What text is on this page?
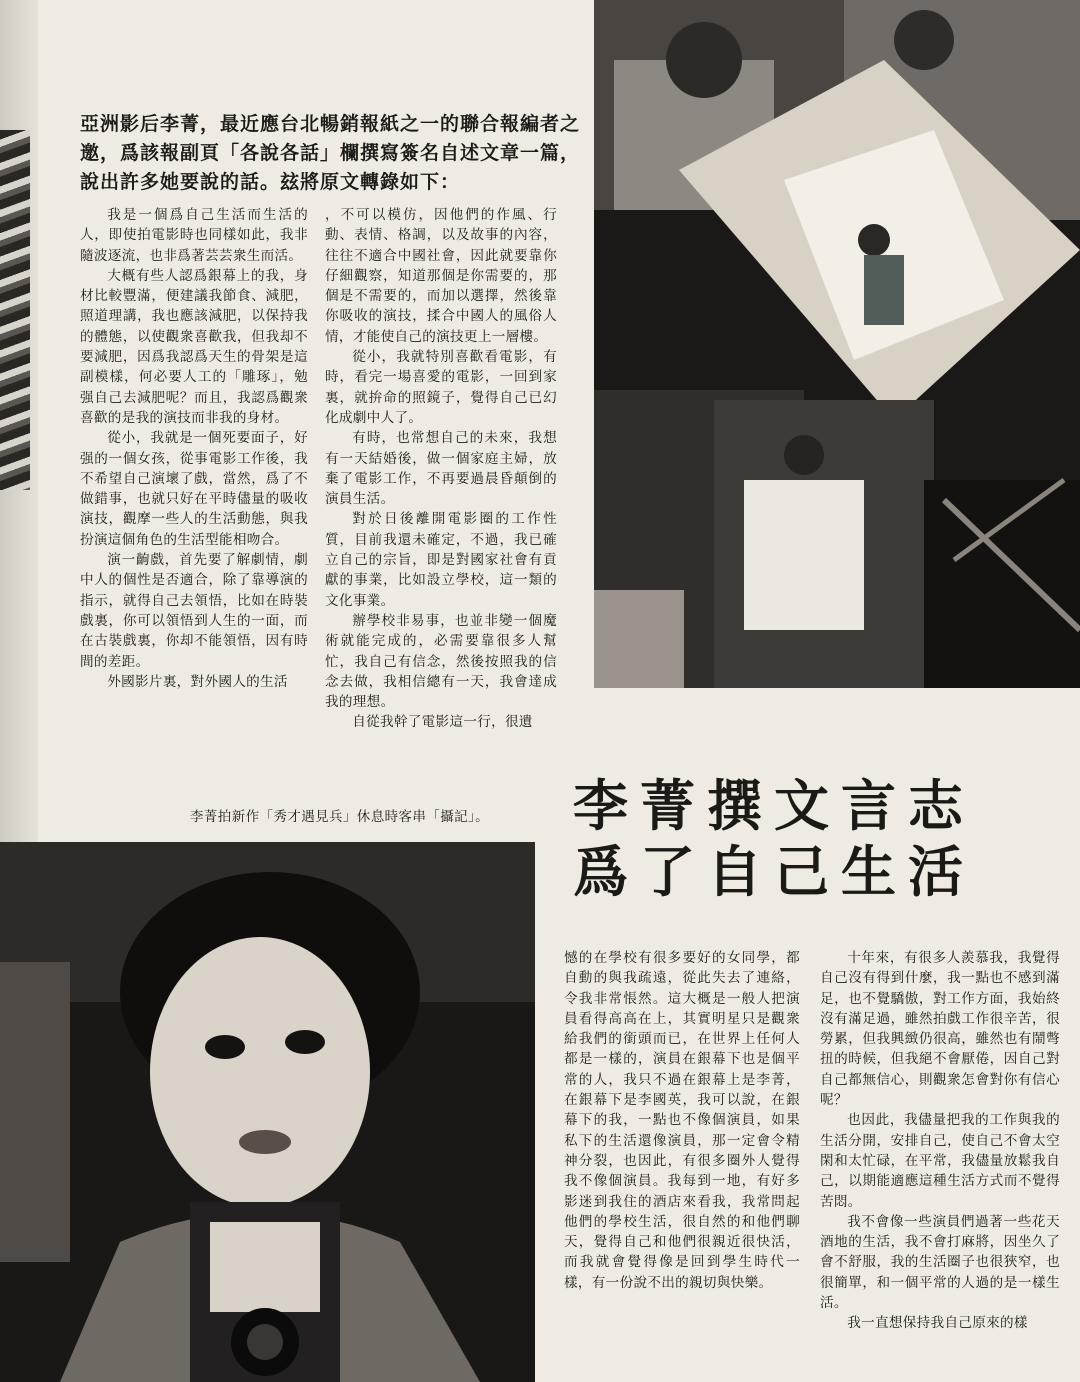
亞洲影后李菁，最近應台北暢銷報紙之一的聯合報編者之邀，爲該報副頁「各說各話」欄撰寫簽名自述文章一篇，說出許多她要說的話。玆將原文轉錄如下：

我是一個爲自己生活而生活的人，即使拍電影時也同樣如此，我非隨波逐流，也非爲著芸芸衆生而活。

大概有些人認爲銀幕上的我，身材比較豐滿，便建議我節食、減肥，照道理講，我也應該減肥，以保持我的體態，以使觀衆喜歡我，但我却不要減肥，因爲我認爲天生的骨架是這副模樣，何必要人工的「雕琢」，勉强自己去減肥呢？而且，我認爲觀衆喜歡的是我的演技而非我的身材。

從小，我就是一個死要面子，好强的一個女孩，從事電影工作後，我不希望自己演壞了戲，當然，爲了不做錯事，也就只好在平時儘量的吸收演技，觀摩一些人的生活動態，與我扮演這個角色的生活型能相吻合。

演一齣戲，首先要了解劇情，劇中人的個性是否適合，除了靠導演的指示，就得自己去領悟，比如在時裝戲裏，你可以領悟到人生的一面，而在古裝戲裏，你却不能領悟，因有時間的差距。

外國影片裏，對外國人的生活

，不可以模仿，因他們的作風、行動、表情、格調，以及故事的內容，往往不適合中國社會，因此就要靠你仔細觀察，知道那個是你需要的，那個是不需要的，而加以選擇，然後靠你吸收的演技，揉合中國人的風俗人情，才能使自己的演技更上一層樓。

從小，我就特別喜歡看電影，有時，看完一場喜愛的電影，一回到家裏，就拚命的照鏡子，覺得自己已幻化成劇中人了。

有時，也常想自己的未來，我想有一天結婚後，做一個家庭主婦，放棄了電影工作，不再要過晨昏顛倒的演員生活。

對於日後離開電影圈的工作性質，目前我還未確定，不過，我已確立自己的宗旨，即是對國家社會有貢獻的事業，比如設立學校，這一類的文化事業。

辦學校非易事，也並非變一個魔術就能完成的，必需要靠很多人幫忙，我自己有信念，然後按照我的信念去做，我相信總有一天，我會達成我的理想。

自從我幹了電影這一行，很遺

李菁拍新作「秀才遇見兵」休息時客串「攝記」。 李菁撰文言志
爲了自己生活

憾的在學校有很多要好的女同學，都自動的與我疏遠，從此失去了連絡，令我非常悵然。這大概是一般人把演員看得高高在上，其實明星只是觀衆給我們的銜頭而已，在世界上任何人都是一樣的，演員在銀幕下也是個平常的人，我只不過在銀幕上是李菁，在銀幕下是李國英，我可以說，在銀幕下的我，一點也不像個演員，如果私下的生活還像演員，那一定會令精神分裂，也因此，有很多圈外人覺得我不像個演員。我每到一地，有好多影迷到我住的酒店來看我，我常問起他們的學校生活，很自然的和他們聊天，覺得自己和他們很親近很快活，而我就會覺得像是回到學生時代一樣，有一份說不出的親切與快樂。

十年來，有很多人羨慕我，我覺得自己沒有得到什麼，我一點也不感到滿足，也不覺驕傲，對工作方面，我始終沒有滿足過，雖然拍戲工作很辛苦，很勞累，但我興緻仍很高，雖然也有鬧彆扭的時候，但我絕不會厭倦，因自己對自己都無信心，則觀衆怎會對你有信心呢？

也因此，我儘量把我的工作與我的生活分開，安排自己，使自己不會太空閑和太忙碌，在平常，我儘量放鬆我自己，以期能適應這種生活方式而不覺得苦悶。

我不會像一些演員們過著一些花天酒地的生活，我不會打麻將，因坐久了會不舒服，我的生活圈子也很狹窄，也很簡單，和一個平常的人過的是一樣生活。

我一直想保持我自己原來的樣
